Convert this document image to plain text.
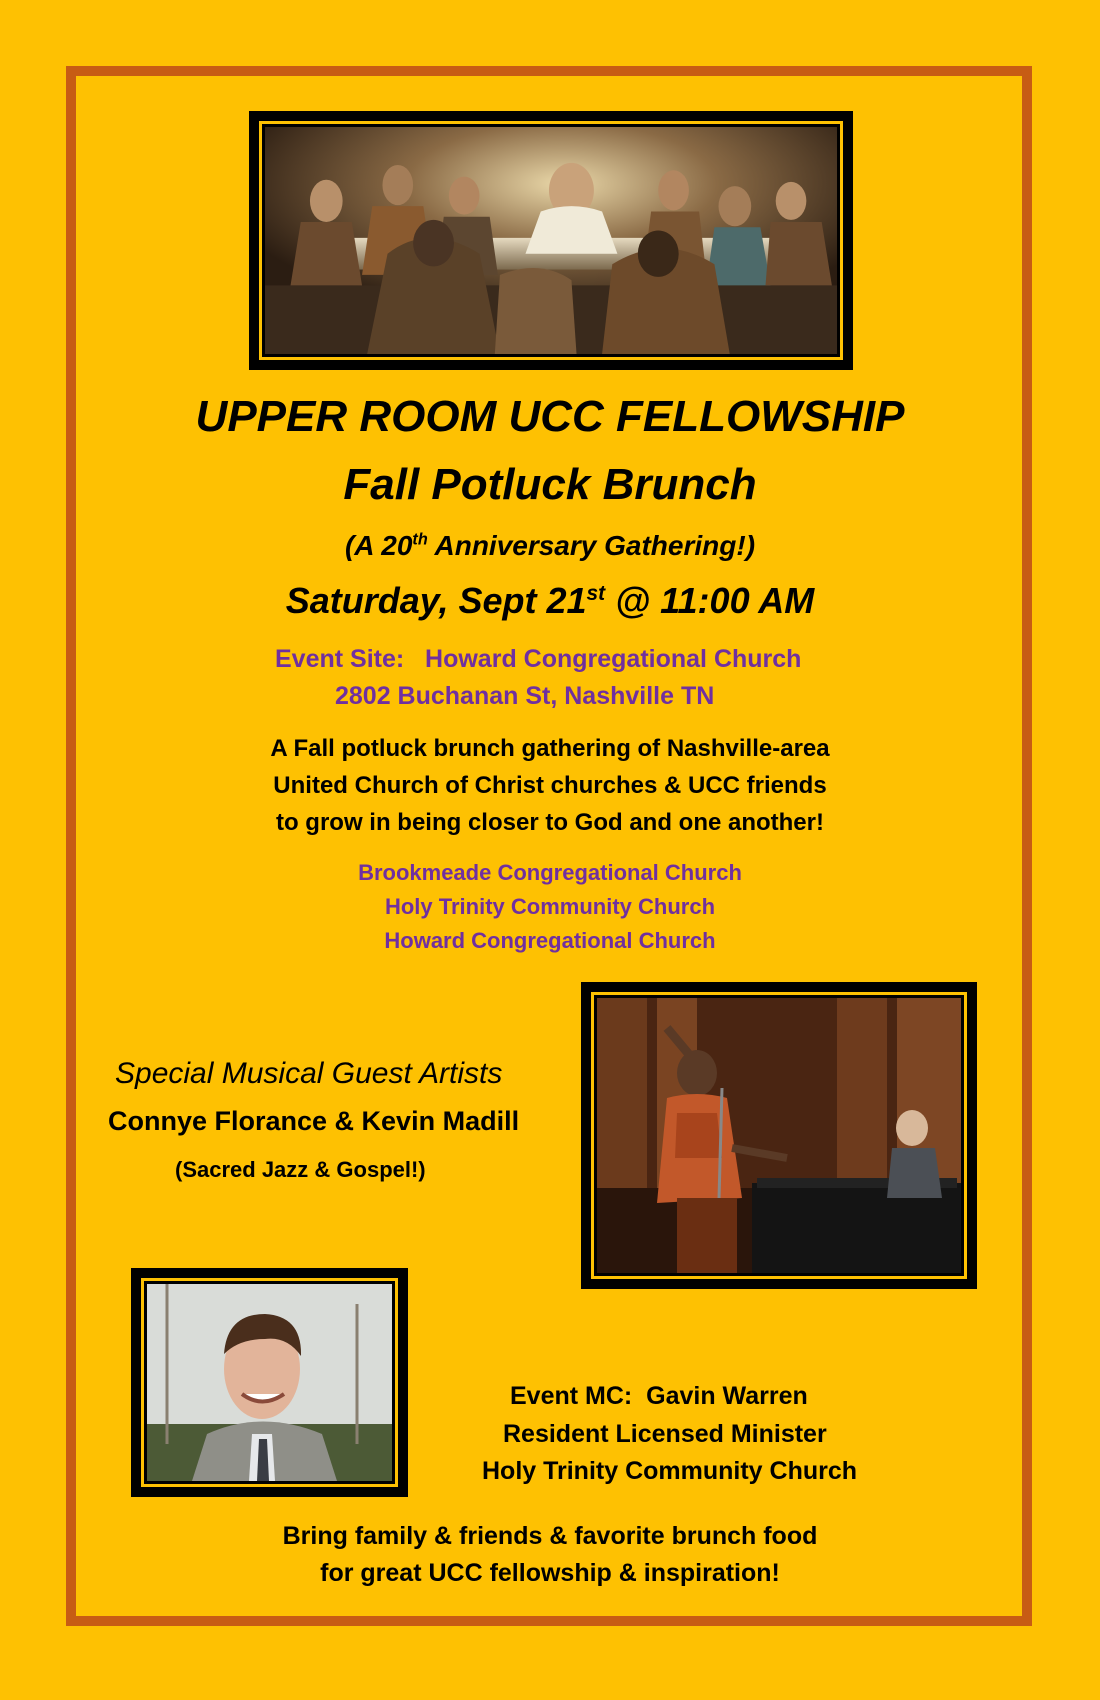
UPPER ROOM UCC FELLOWSHIP
Fall Potluck Brunch
(A 20th Anniversary Gathering!)
Saturday, Sept 21st @ 11:00 AM
Event Site:   Howard Congregational Church
2802 Buchanan St, Nashville TN
A Fall potluck brunch gathering of Nashville-area
United Church of Christ churches & UCC friends
to grow in being closer to God and one another!
Brookmeade Congregational Church
Holy Trinity Community Church
Howard Congregational Church
Special Musical Guest Artists
Connye Florance & Kevin Madill
(Sacred Jazz & Gospel!)
Event MC:  Gavin Warren
Resident Licensed Minister
Holy Trinity Community Church
Bring family & friends & favorite brunch food
for great UCC fellowship & inspiration!
